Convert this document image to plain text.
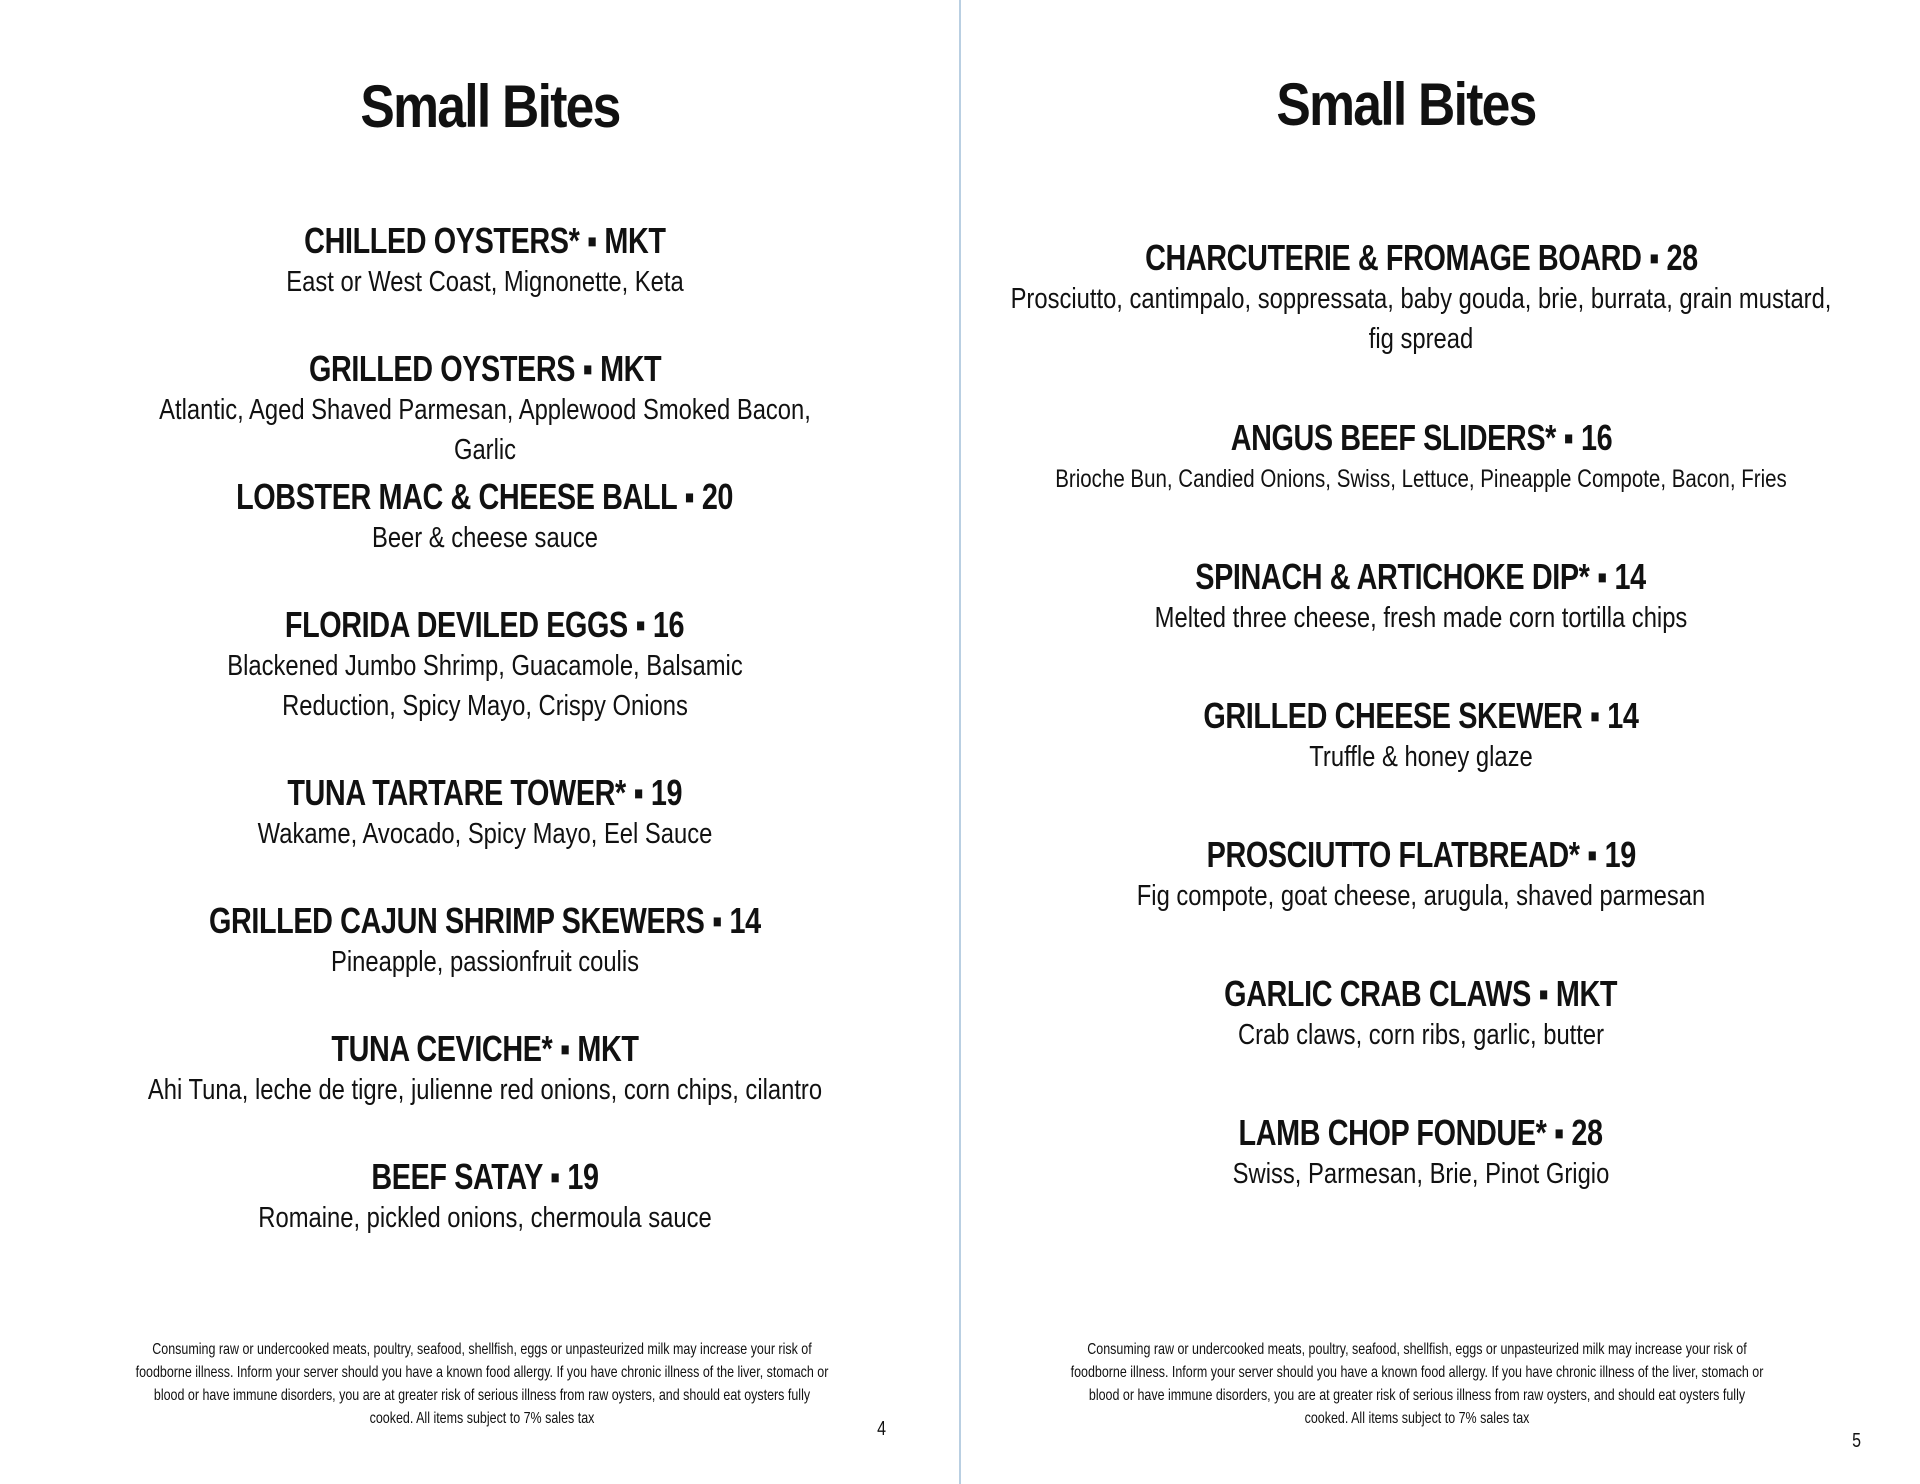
Small Bites
CHILLED OYSTERS* ▪ MKT
East or West Coast, Mignonette, Keta
GRILLED OYSTERS ▪ MKT
Atlantic, Aged Shaved Parmesan, Applewood Smoked Bacon, Garlic
LOBSTER MAC & CHEESE BALL ▪ 20
Beer & cheese sauce
FLORIDA DEVILED EGGS ▪ 16
Blackened Jumbo Shrimp, Guacamole, Balsamic Reduction, Spicy Mayo, Crispy Onions
TUNA TARTARE TOWER* ▪ 19
Wakame, Avocado, Spicy Mayo, Eel Sauce
GRILLED CAJUN SHRIMP SKEWERS ▪ 14
Pineapple, passionfruit coulis
TUNA CEVICHE* ▪ MKT
Ahi Tuna, leche de tigre, julienne red onions, corn chips, cilantro
BEEF SATAY ▪ 19
Romaine, pickled onions, chermoula sauce
Consuming raw or undercooked meats, poultry, seafood, shellfish, eggs or unpasteurized milk may increase your risk of foodborne illness. Inform your server should you have a known food allergy. If you have chronic illness of the liver, stomach or blood or have immune disorders, you are at greater risk of serious illness from raw oysters, and should eat oysters fully cooked. All items subject to 7% sales tax	4
Small Bites
CHARCUTERIE & FROMAGE BOARD ▪ 28
Prosciutto, cantimpalo, soppressata, baby gouda, brie, burrata, grain mustard, fig spread
ANGUS BEEF SLIDERS* ▪ 16
Brioche Bun, Candied Onions, Swiss, Lettuce, Pineapple Compote, Bacon, Fries
SPINACH & ARTICHOKE DIP* ▪ 14
Melted three cheese, fresh made corn tortilla chips
GRILLED CHEESE SKEWER ▪ 14
Truffle & honey glaze
PROSCIUTTO FLATBREAD* ▪ 19
Fig compote, goat cheese, arugula, shaved parmesan
GARLIC CRAB CLAWS ▪ MKT
Crab claws, corn ribs, garlic, butter
LAMB CHOP FONDUE* ▪ 28
Swiss, Parmesan, Brie, Pinot Grigio
Consuming raw or undercooked meats, poultry, seafood, shellfish, eggs or unpasteurized milk may increase your risk of foodborne illness. Inform your server should you have a known food allergy. If you have chronic illness of the liver, stomach or blood or have immune disorders, you are at greater risk of serious illness from raw oysters, and should eat oysters fully cooked. All items subject to 7% sales tax
5
